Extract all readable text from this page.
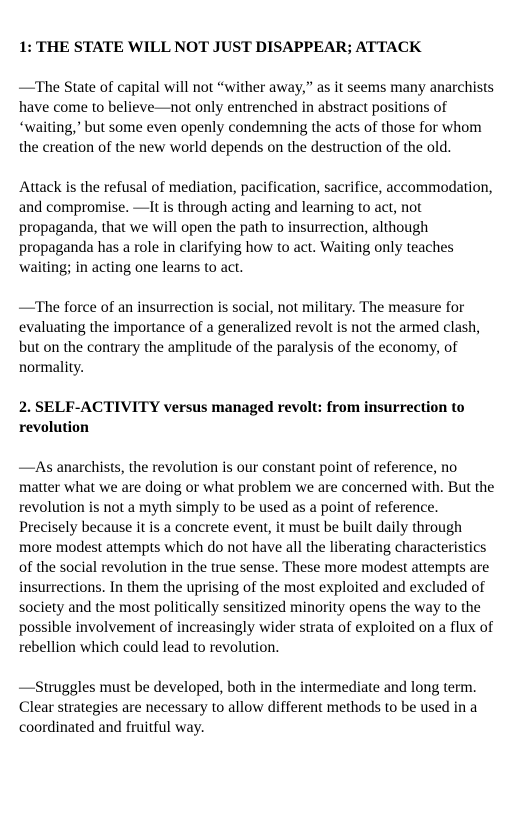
1: THE STATE WILL NOT JUST DISAPPEAR; ATTACK
—The State of capital will not “wither away,” as it seems many anarchists have come to believe—not only entrenched in abstract positions of ‘waiting,’ but some even openly condemning the acts of those for whom the creation of the new world depends on the destruction of the old.
Attack is the refusal of mediation, pacification, sacrifice, accommodation, and compromise. —It is through acting and learning to act, not propaganda, that we will open the path to insurrection, although propaganda has a role in clarifying how to act. Waiting only teaches waiting; in acting one learns to act.
—The force of an insurrection is social, not military. The measure for evaluating the importance of a generalized revolt is not the armed clash, but on the contrary the amplitude of the paralysis of the economy, of normality.
2. SELF-ACTIVITY versus managed revolt: from insurrection to revolution
—As anarchists, the revolution is our constant point of reference, no matter what we are doing or what problem we are concerned with. But the revolution is not a myth simply to be used as a point of reference. Precisely because it is a concrete event, it must be built daily through more modest attempts which do not have all the liberating characteristics of the social revolution in the true sense. These more modest attempts are insurrections. In them the uprising of the most exploited and excluded of society and the most politically sensitized minority opens the way to the possible involvement of increasingly wider strata of exploited on a flux of rebellion which could lead to revolution.
—Struggles must be developed, both in the intermediate and long term. Clear strategies are necessary to allow different methods to be used in a coordinated and fruitful way.
